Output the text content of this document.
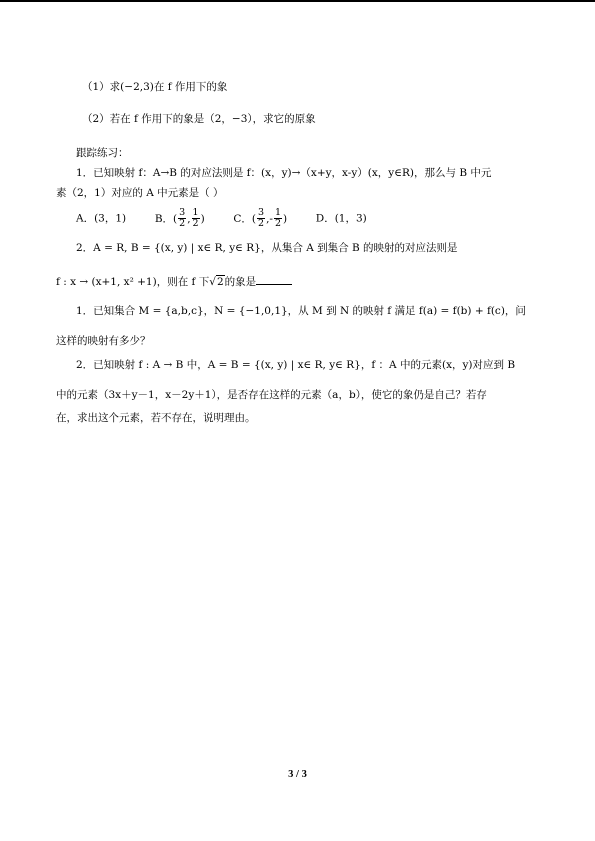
（1）求(−2,3)在 f 作用下的象
（2）若在 f 作用下的象是（2，−3），求它的原象
跟踪练习：
1．已知映射 f：A→B 的对应法则是 f：(x，y)→（x+y，x-y）(x，y∈R)，那么与 B 中元
素（2，1）对应的 A 中元素是（ ）
A．(3，1)	B．( $\frac{3}{2}$ , $\frac{1}{2}$ )	C．( $\frac{3}{2}$ ,- $\frac{1}{2}$ )	D．(1，3)
2．A = R, B = {(x, y) | x∈ R, y∈ R}，从集合 A 到集合 B 的映射的对应法则是
f : x → (x+1, x² +1)，则在 f 下√2的象是
1．已知集合 M = {a,b,c}，N = {−1,0,1}，从 M 到 N 的映射 f 满足 f(a) = f(b) + f(c)，问
这样的映射有多少？
2．已知映射 f : A → B 中，A = B = {(x, y) | x∈ R, y∈ R}，f ：A 中的元素(x，y)对应到 B
中的元素（3x＋y－1，x－2y＋1），是否存在这样的元素（a，b），使它的象仍是自己？若存
在，求出这个元素，若不存在，说明理由。
3 / 3
